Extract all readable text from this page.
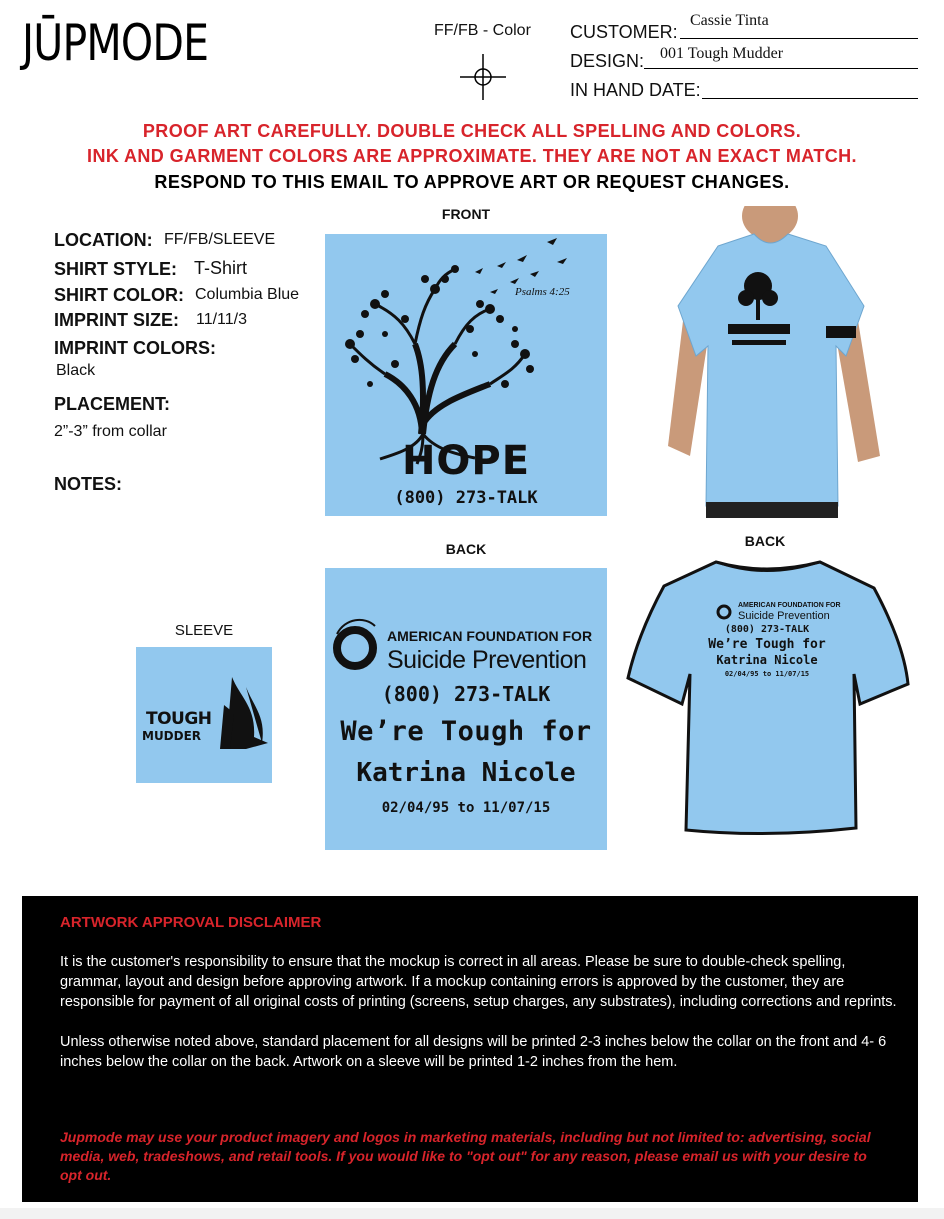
JŪPMODE	FF/FB - Color CUSTOMER:
Cassie Tinta
DESIGN: 001 Tough Mudder
IN HAND DATE:
PROOF ART CAREFULLY. DOUBLE CHECK ALL SPELLING AND COLORS.
INK AND GARMENT COLORS ARE APPROXIMATE. THEY ARE NOT AN EXACT MATCH.
RESPOND TO THIS EMAIL TO APPROVE ART OR REQUEST CHANGES.
LOCATION: FF/FB/SLEEVE
SHIRT STYLE: T-Shirt
SHIRT COLOR: Columbia Blue
IMPRINT SIZE: 11/11/3
IMPRINT COLORS:
Black
PLACEMENT:
2”-3” from collar
NOTES:
FRONT
Psalms 4:25
HOPE
(800) 273-TALK
BACK
AMERICAN FOUNDATION FOR
Suicide Prevention
(800) 273-TALK
We’re Tough for
Katrina Nicole
02/04/95 to 11/07/15
BACK
AMERICAN FOUNDATION FOR
Suicide Prevention
(800) 273-TALK
We’re Tough for
Katrina Nicole
02/04/95 to 11/07/15
SLEEVE
TOUGH
MUDDER
ARTWORK APPROVAL DISCLAIMER

It is the customer's responsibility to ensure that the mockup is correct in all areas. Please be sure to double-check spelling, grammar, layout and design before approving artwork. If a mockup containing errors is approved by the customer, they are responsible for payment of all original costs of printing (screens, setup charges, any substrates), including corrections and reprints.

Unless otherwise noted above, standard placement for all designs will be printed 2-3 inches below the collar on the front and 4- 6 inches below the collar on the back. Artwork on a sleeve will be printed 1-2 inches from the hem.

Jupmode may use your product imagery and logos in marketing materials, including but not limited to: advertising, social media, web, tradeshows, and retail tools. If you would like to "opt out" for any reason, please email us with your desire to opt out.
